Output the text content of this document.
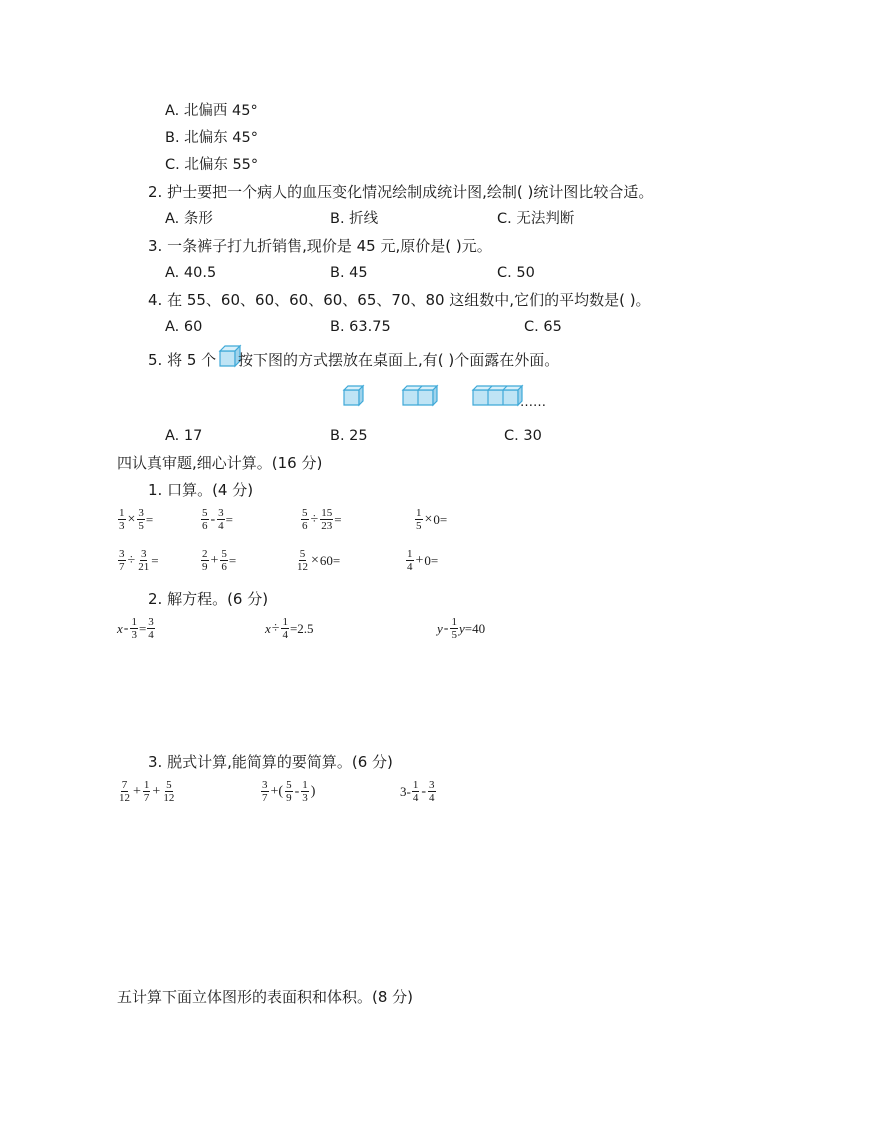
A. 北偏西 45°
B. 北偏东 45°
C. 北偏东 55°
2. 护士要把一个病人的血压变化情况绘制成统计图,绘制( )统计图比较合适。
A. 条形	B. 折线	C. 无法判断
3. 一条裤子打九折销售,现价是 45 元,原价是( )元。
A. 40.5	B. 45	C. 50
4. 在 55、60、60、60、60、65、70、80 这组数中,它们的平均数是( )。
A. 60	B. 63.75	C. 65
5. 将 5 个 按下图的方式摆放在桌面上,有( )个面露在外面。
……
A. 17	B. 25	C. 30
四认真审题,细心计算。(16 分)
1. 口算。(4 分)
$\frac{1}{3} \times \frac{3}{5}$ =	$\frac{5}{6} - \frac{3}{4}$ =	$\frac{5}{6} \div \frac{15}{23}$ =	$\frac{1}{5} \times 0=$
$\frac{3}{7} \div \frac{3}{21}$ =	$\frac{2}{9} + \frac{5}{6}$ =	$\frac{5}{12} \times 60=$	$\frac{1}{4} + 0=$
2. 解方程。(6 分)
$x - \frac{1}{3} = \frac{3}{4}$	$x \div \frac{1}{4} =2.5$	y - $\frac{1}{5}$ y =40
3. 脱式计算,能简算的要简算。(6 分)
$\frac{7}{12} + \frac{1}{7} + \frac{5}{12}$	$\frac{3}{7}$ +( $\frac{5}{9} - \frac{1}{3}$ )	$3- \frac{1}{4} - \frac{3}{4}$
五计算下面立体图形的表面积和体积。(8 分)
